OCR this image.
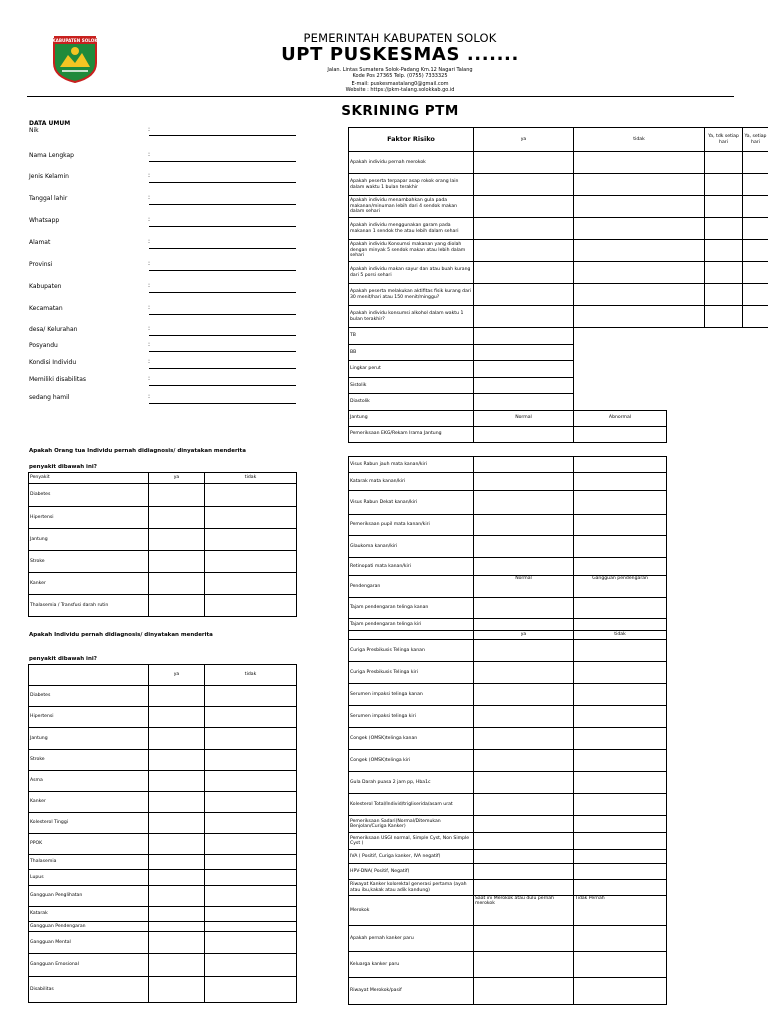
KABUPATEN SOLOK	PEMERINTAH KABUPATEN SOLOK
UPT PUSKESMAS .......
Jalan. Lintas Sumatera Solok-Padang Km.12 Nagari Talang
Kode Pos 27365 Telp. (0755) 7333325
E-mail: puskesmastalang0@gmail.com
Website : https://pkm-talang.solokkab.go.id
SKRINING PTM
DATA UMUM
Nik	:
Nama Lengkap	:
Jenis Kelamin	:
Tanggal lahir	:
Whatsapp	:
Alamat	:
Provinsi	:
Kabupaten	:
Kecamatan	:
desa/ Kelurahan	:
Posyandu	:
Kondisi Individu	:
Memiliki disabilitas	:
sedang hamil	:
Apakah Orang tua Individu pernah didiagnosis/ dinyatakan menderita
penyakit dibawah ini?
Penyakit	ya	tidak
Diabetes		
Hipertensi		
Jantung		
Stroke		
Kanker		
Thalasemia / Transfusi darah rutin		
Apakah Individu pernah didiagnosis/ dinyatakan menderita
penyakit dibawah ini?
	ya	tidak
Diabetes		
Hipertensi		
Jantung		
Stroke		
Asma		
Kanker		
Kolesterol Tinggi		
PPOK		
Thalasemia		
Lupus		
Gangguan Penglihatan		
Katarak		
Gangguan Pendengaran		
Gangguan Mental		
Gangguan Emosional		
Disabilitas		
Faktor Risiko	ya	tidak	Ya, tdk setiap hari	Ya, setiap hari
Apakah individu pernah merokok				
Apakah peserta terpapar asap rokok orang lain dalam waktu 1 bulan terakhir				
Apakah individu menambahkan gula pada makanan/minuman lebih dari 4 sendok makan dalam sehari				
Apakah individu menggunakan garam pada makanan 1 sendok the atau lebih dalam sehari				
Apakah individu Konsumsi makanan yang diolah dengan minyak 5 sendok makan atau lebih dalam sehari				
Apakah individu makan sayur dan atau buah kurang dari 5 porsi sehari				
Apakah peserta melakukan aktifitas fisik kurang dari 30 menit/hari atau 150 menit/minggu?				
Apakah individu konsumsi alkohol dalam waktu 1 bulan terakhir?				
TB		
BB		
Lingkar perut		
Sistolik		
Diastolik		
Jantung	Normal	Abnormal
Pemeriksaan EKG/Rekam Irama Jantung		
Visus Rabun jauh mata kanan/kiri		
Katarak mata kanan/kiri		
Visus Rabun Dekat kanan/kiri		
Pemeriksaan pupil mata kanan/kiri		
Glaukoma kanan/kiri		
Retinopati mata kanan/kiri		
Pendengaran	Normal	Gangguan pendengaran
Tajam pendengaran telinga kanan		
Tajam pendengaran telinga kiri		
	ya	tidak
Curiga Presbikusis Telinga kanan		
Curiga Presbikusis Telinga kiri		
Serumen impaksi telinga kanan		
Serumen impaksi telinga kiri		
Congek (OMSK)telinga kanan		
Congek (OMSK)telinga kiri		
Gula Darah puasa 2 jam pp, Hba1c		
Kolesterol Total/Individ/trigliserida/asam urat		
Pemeriksaan Sadari(Normal/Ditemukan Benjolan/Curiga Kanker)		
Pemeriksaan USGI normal, Simple Cyst, Non Simple Cyst )		
IVA ( Positif, Curiga kanker, IVA negatif)		
HPV-DNA( Positif, Negatif)		
Riwayat Kanker kolorektal generasi pertama (ayah atau ibu,kakak atau adik kandung)		
Merokok	Saat ini Merokok atau dulu pernah merokok	Tidak Pernah
Apakah pernah kanker paru		
Keluarga kanker paru		
Riwayat Merokok/pasif		
